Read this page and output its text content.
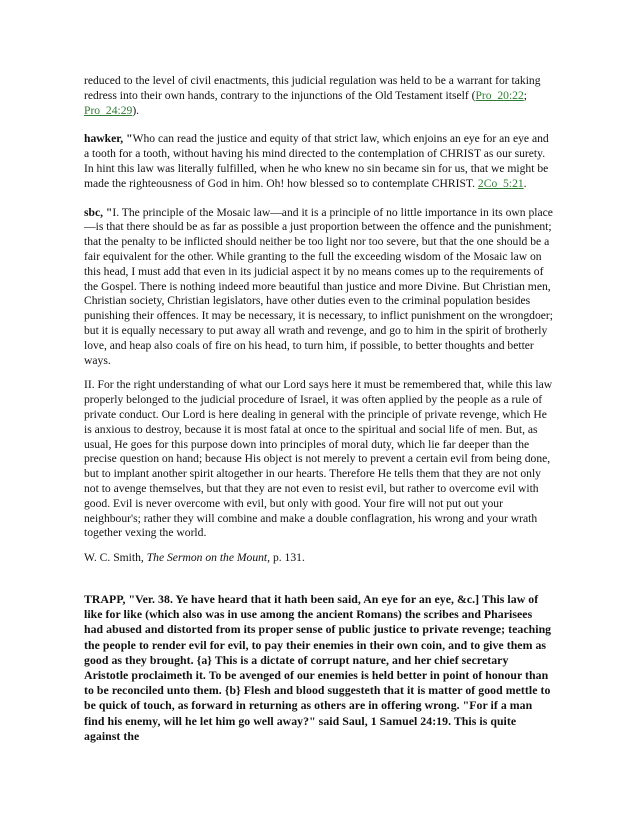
reduced to the level of civil enactments, this judicial regulation was held to be a warrant for taking redress into their own hands, contrary to the injunctions of the Old Testament itself (Pro_20:22; Pro_24:29).

hawker, "Who can read the justice and equity of that strict law, which enjoins an eye for an eye and a tooth for a tooth, without having his mind directed to the contemplation of CHRIST as our surety. In hint this law was literally fulfilled, when he who knew no sin became sin for us, that we might be made the righteousness of God in him. Oh! how blessed so to contemplate CHRIST. 2Co_5:21.

sbc, "I. The principle of the Mosaic law—and it is a principle of no little importance in its own place—is that there should be as far as possible a just proportion between the offence and the punishment; that the penalty to be inflicted should neither be too light nor too severe, but that the one should be a fair equivalent for the other. While granting to the full the exceeding wisdom of the Mosaic law on this head, I must add that even in its judicial aspect it by no means comes up to the requirements of the Gospel. There is nothing indeed more beautiful than justice and more Divine. But Christian men, Christian society, Christian legislators, have other duties even to the criminal population besides punishing their offences. It may be necessary, it is necessary, to inflict punishment on the wrongdoer; but it is equally necessary to put away all wrath and revenge, and go to him in the spirit of brotherly love, and heap also coals of fire on his head, to turn him, if possible, to better thoughts and better ways.

II. For the right understanding of what our Lord says here it must be remembered that, while this law properly belonged to the judicial procedure of Israel, it was often applied by the people as a rule of private conduct. Our Lord is here dealing in general with the principle of private revenge, which He is anxious to destroy, because it is most fatal at once to the spiritual and social life of men. But, as usual, He goes for this purpose down into principles of moral duty, which lie far deeper than the precise question on hand; because His object is not merely to prevent a certain evil from being done, but to implant another spirit altogether in our hearts. Therefore He tells them that they are not only not to avenge themselves, but that they are not even to resist evil, but rather to overcome evil with good. Evil is never overcome with evil, but only with good. Your fire will not put out your neighbour's; rather they will combine and make a double conflagration, his wrong and your wrath together vexing the world.

W. C. Smith, The Sermon on the Mount, p. 131.

TRAPP, "Ver. 38. Ye have heard that it hath been said, An eye for an eye, &c.] This law of like for like (which also was in use among the ancient Romans) the scribes and Pharisees had abused and distorted from its proper sense of public justice to private revenge; teaching the people to render evil for evil, to pay their enemies in their own coin, and to give them as good as they brought. {a} This is a dictate of corrupt nature, and her chief secretary Aristotle proclaimeth it. To be avenged of our enemies is held better in point of honour than to be reconciled unto them. {b} Flesh and blood suggesteth that it is matter of good mettle to be quick of touch, as forward in returning as others are in offering wrong. "For if a man find his enemy, will he let him go well away?" said Saul, 1 Samuel 24:19. This is quite against the
